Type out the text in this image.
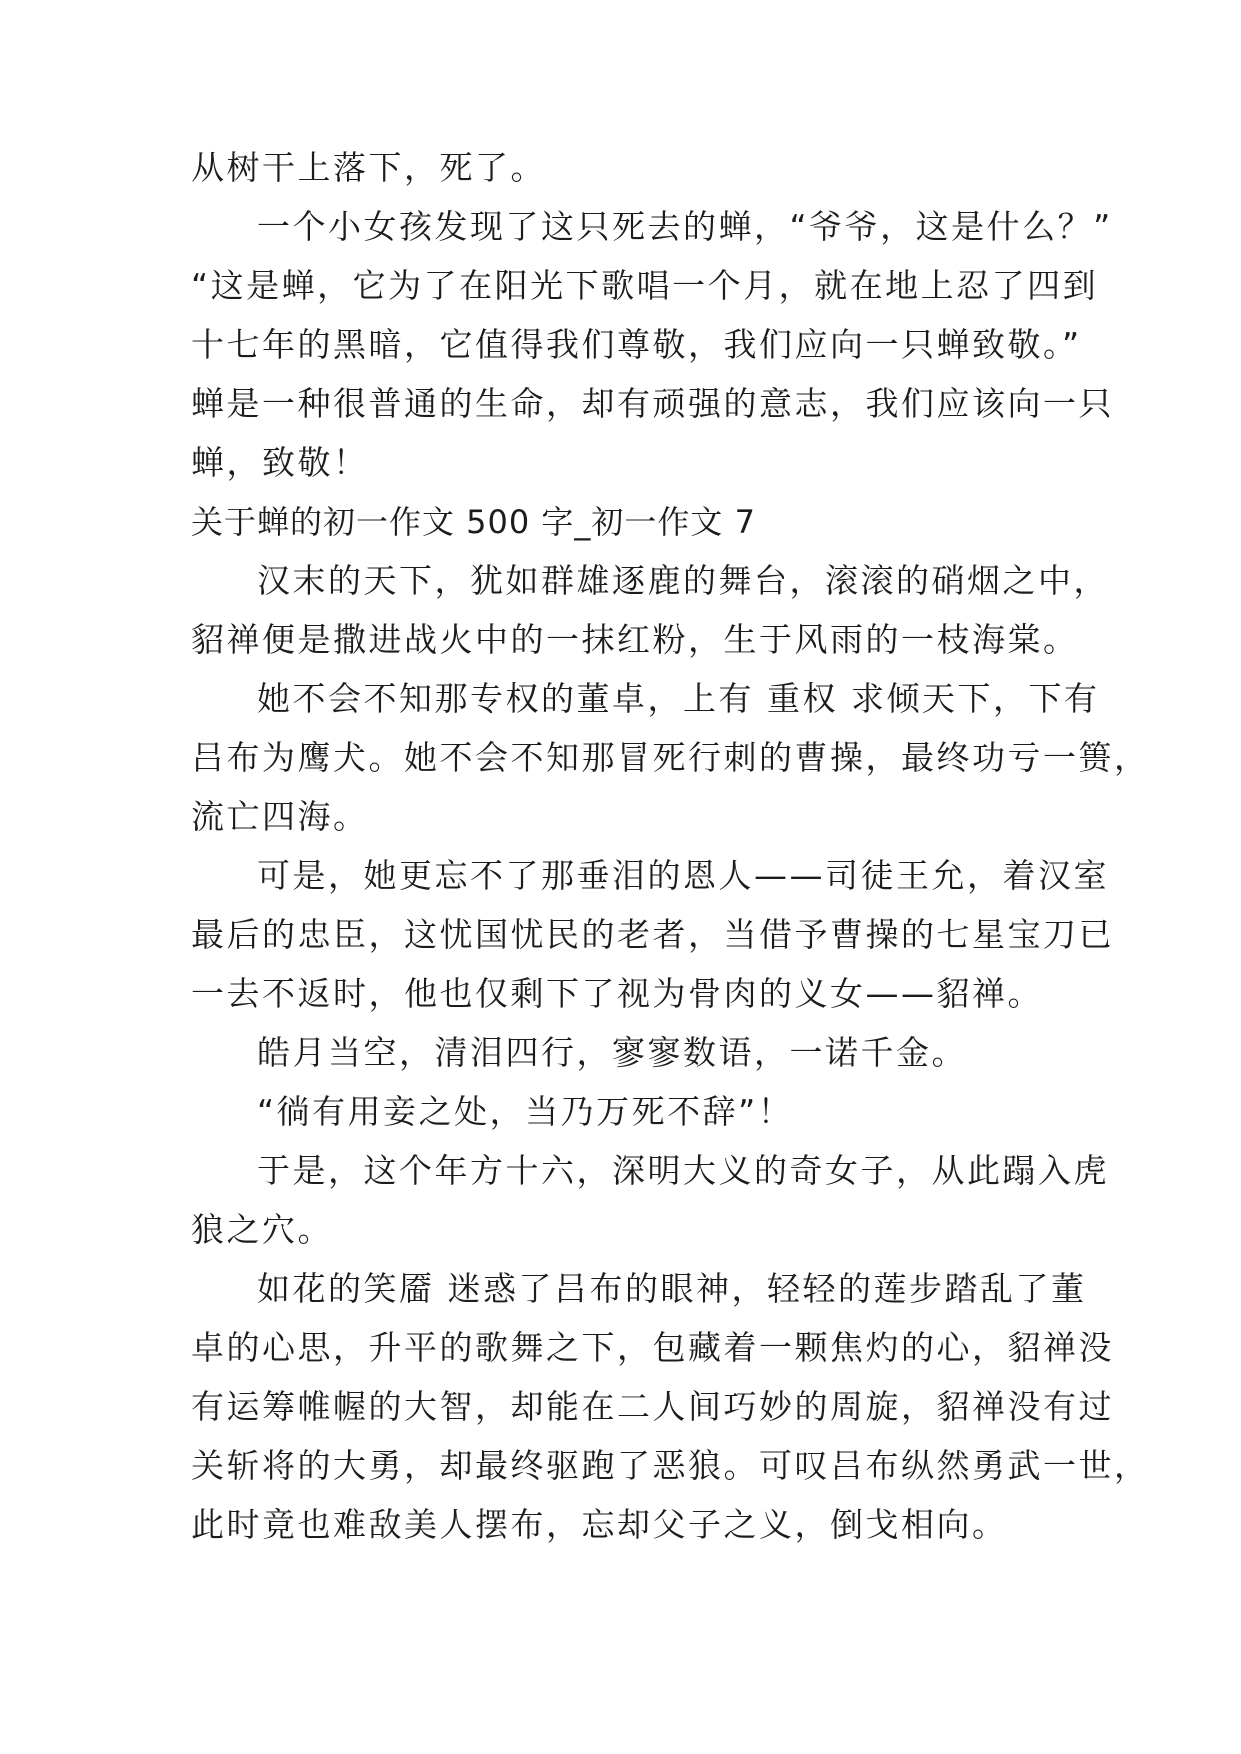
从树干上落下，死了。
一个小女孩发现了这只死去的蝉，“爷爷，这是什么？”
“这是蝉，它为了在阳光下歌唱一个月，就在地上忍了四到
十七年的黑暗，它值得我们尊敬，我们应向一只蝉致敬。”
蝉是一种很普通的生命，却有顽强的意志，我们应该向一只
蝉，致敬！
关于蝉的初一作文 500 字_初一作文 7
汉末的天下，犹如群雄逐鹿的舞台，滚滚的硝烟之中，
貂禅便是撒进战火中的一抹红粉，生于风雨的一枝海棠。
她不会不知那专权的董卓，上有 重权 求倾天下，下有
吕布为鹰犬。她不会不知那冒死行刺的曹操，最终功亏一篑，
流亡四海。
可是，她更忘不了那垂泪的恩人——司徒王允，着汉室
最后的忠臣，这忧国忧民的老者，当借予曹操的七星宝刀已
一去不返时，他也仅剩下了视为骨肉的义女——貂禅。
皓月当空，清泪四行，寥寥数语，一诺千金。
“徜有用妾之处，当乃万死不辞”！
于是，这个年方十六，深明大义的奇女子，从此蹋入虎
狼之穴。
如花的笑靥 迷惑了吕布的眼神，轻轻的莲步踏乱了董
卓的心思，升平的歌舞之下，包藏着一颗焦灼的心，貂禅没
有运筹帷幄的大智，却能在二人间巧妙的周旋，貂禅没有过
关斩将的大勇，却最终驱跑了恶狼。可叹吕布纵然勇武一世，
此时竟也难敌美人摆布，忘却父子之义，倒戈相向。
